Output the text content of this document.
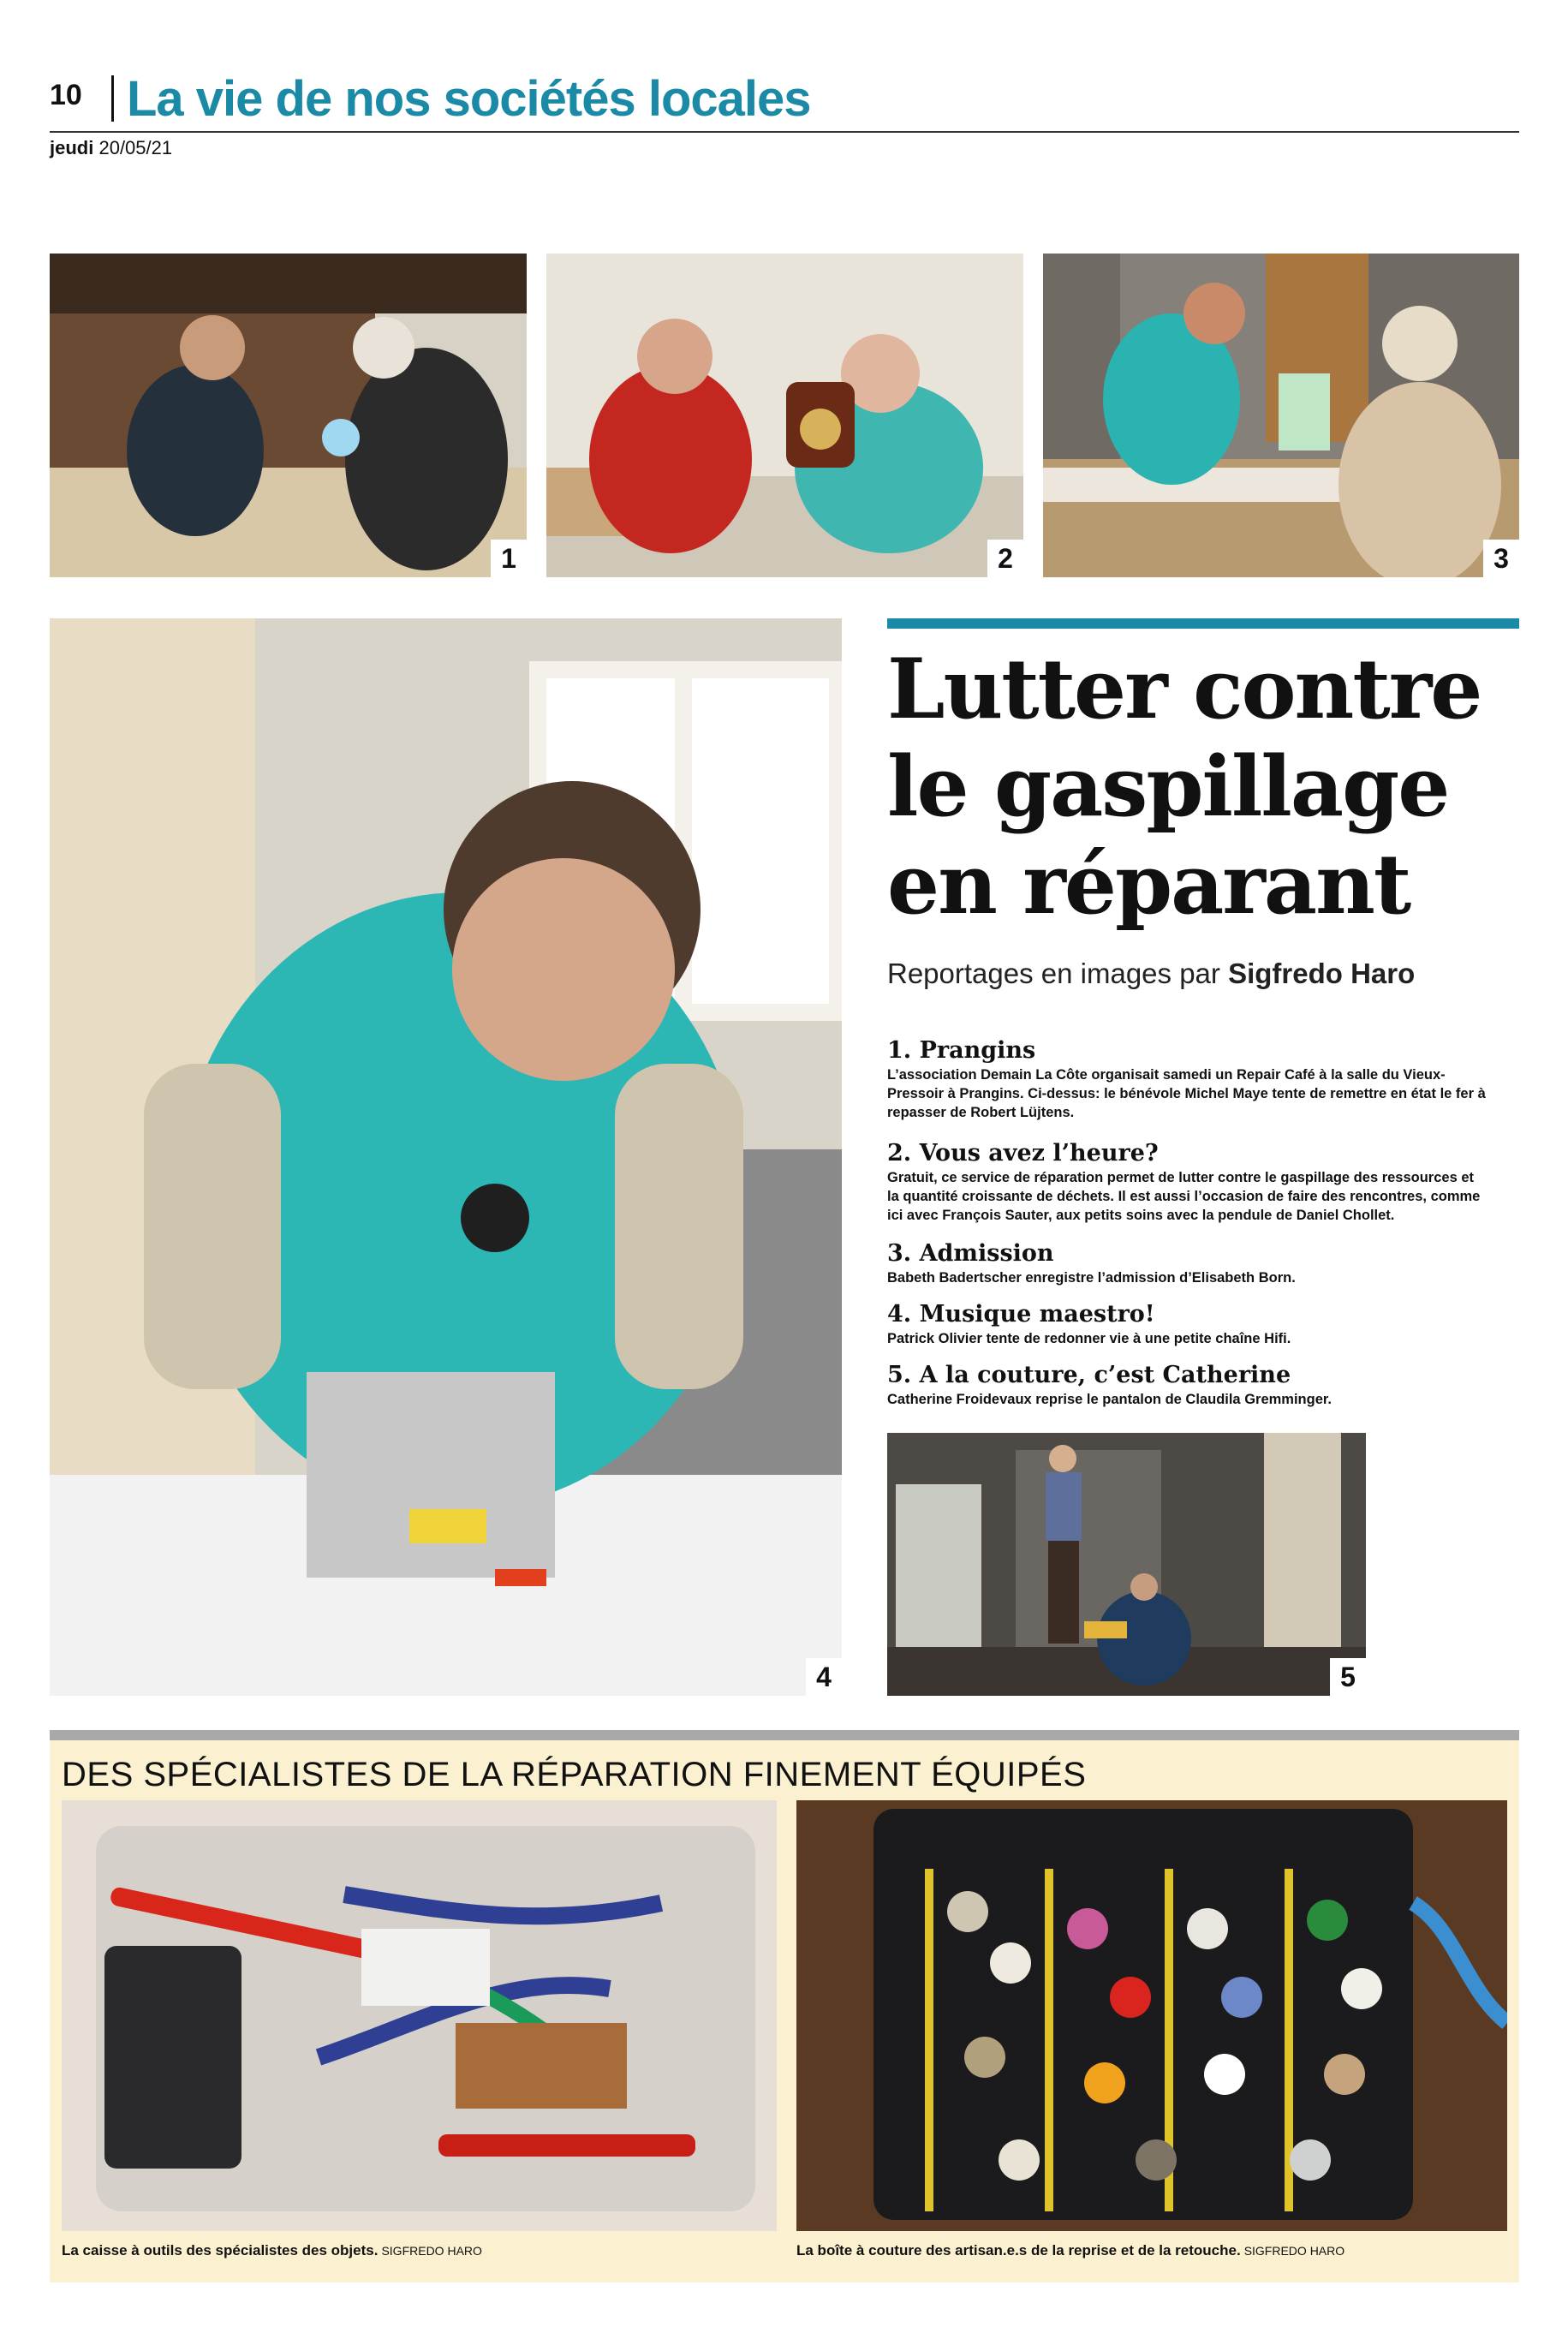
10 La vie de nos sociétés locales
jeudi 20/05/21
1	2	3
4
Lutter contre
le gaspillage
en réparant
Reportages en images par Sigfredo Haro

1. Prangins

L’association Demain La Côte organisait samedi un Repair Café à la salle du Vieux-Pressoir à Prangins. Ci-dessus: le bénévole Michel Maye tente de remettre en état le fer à repasser de Robert Lüjtens.

2. Vous avez l’heure?

Gratuit, ce service de réparation permet de lutter contre le gaspillage des ressources et la quantité croissante de déchets. Il est aussi l’occasion de faire des rencontres, comme ici avec François Sauter, aux petits soins avec la pendule de Daniel Chollet.

3. Admission

Babeth Badertscher enregistre l’admission d’Elisabeth Born.

4. Musique maestro!

Patrick Olivier tente de redonner vie à une petite chaîne Hifi.

5. A la couture, c’est Catherine

Catherine Froidevaux reprise le pantalon de Claudila Gremminger.

5
DES SPÉCIALISTES DE LA RÉPARATION FINEMENT ÉQUIPÉS
La caisse à outils des spécialistes des objets. SIGFREDO HARO	La boîte à couture des artisan.e.s de la reprise et de la retouche. SIGFREDO HARO
